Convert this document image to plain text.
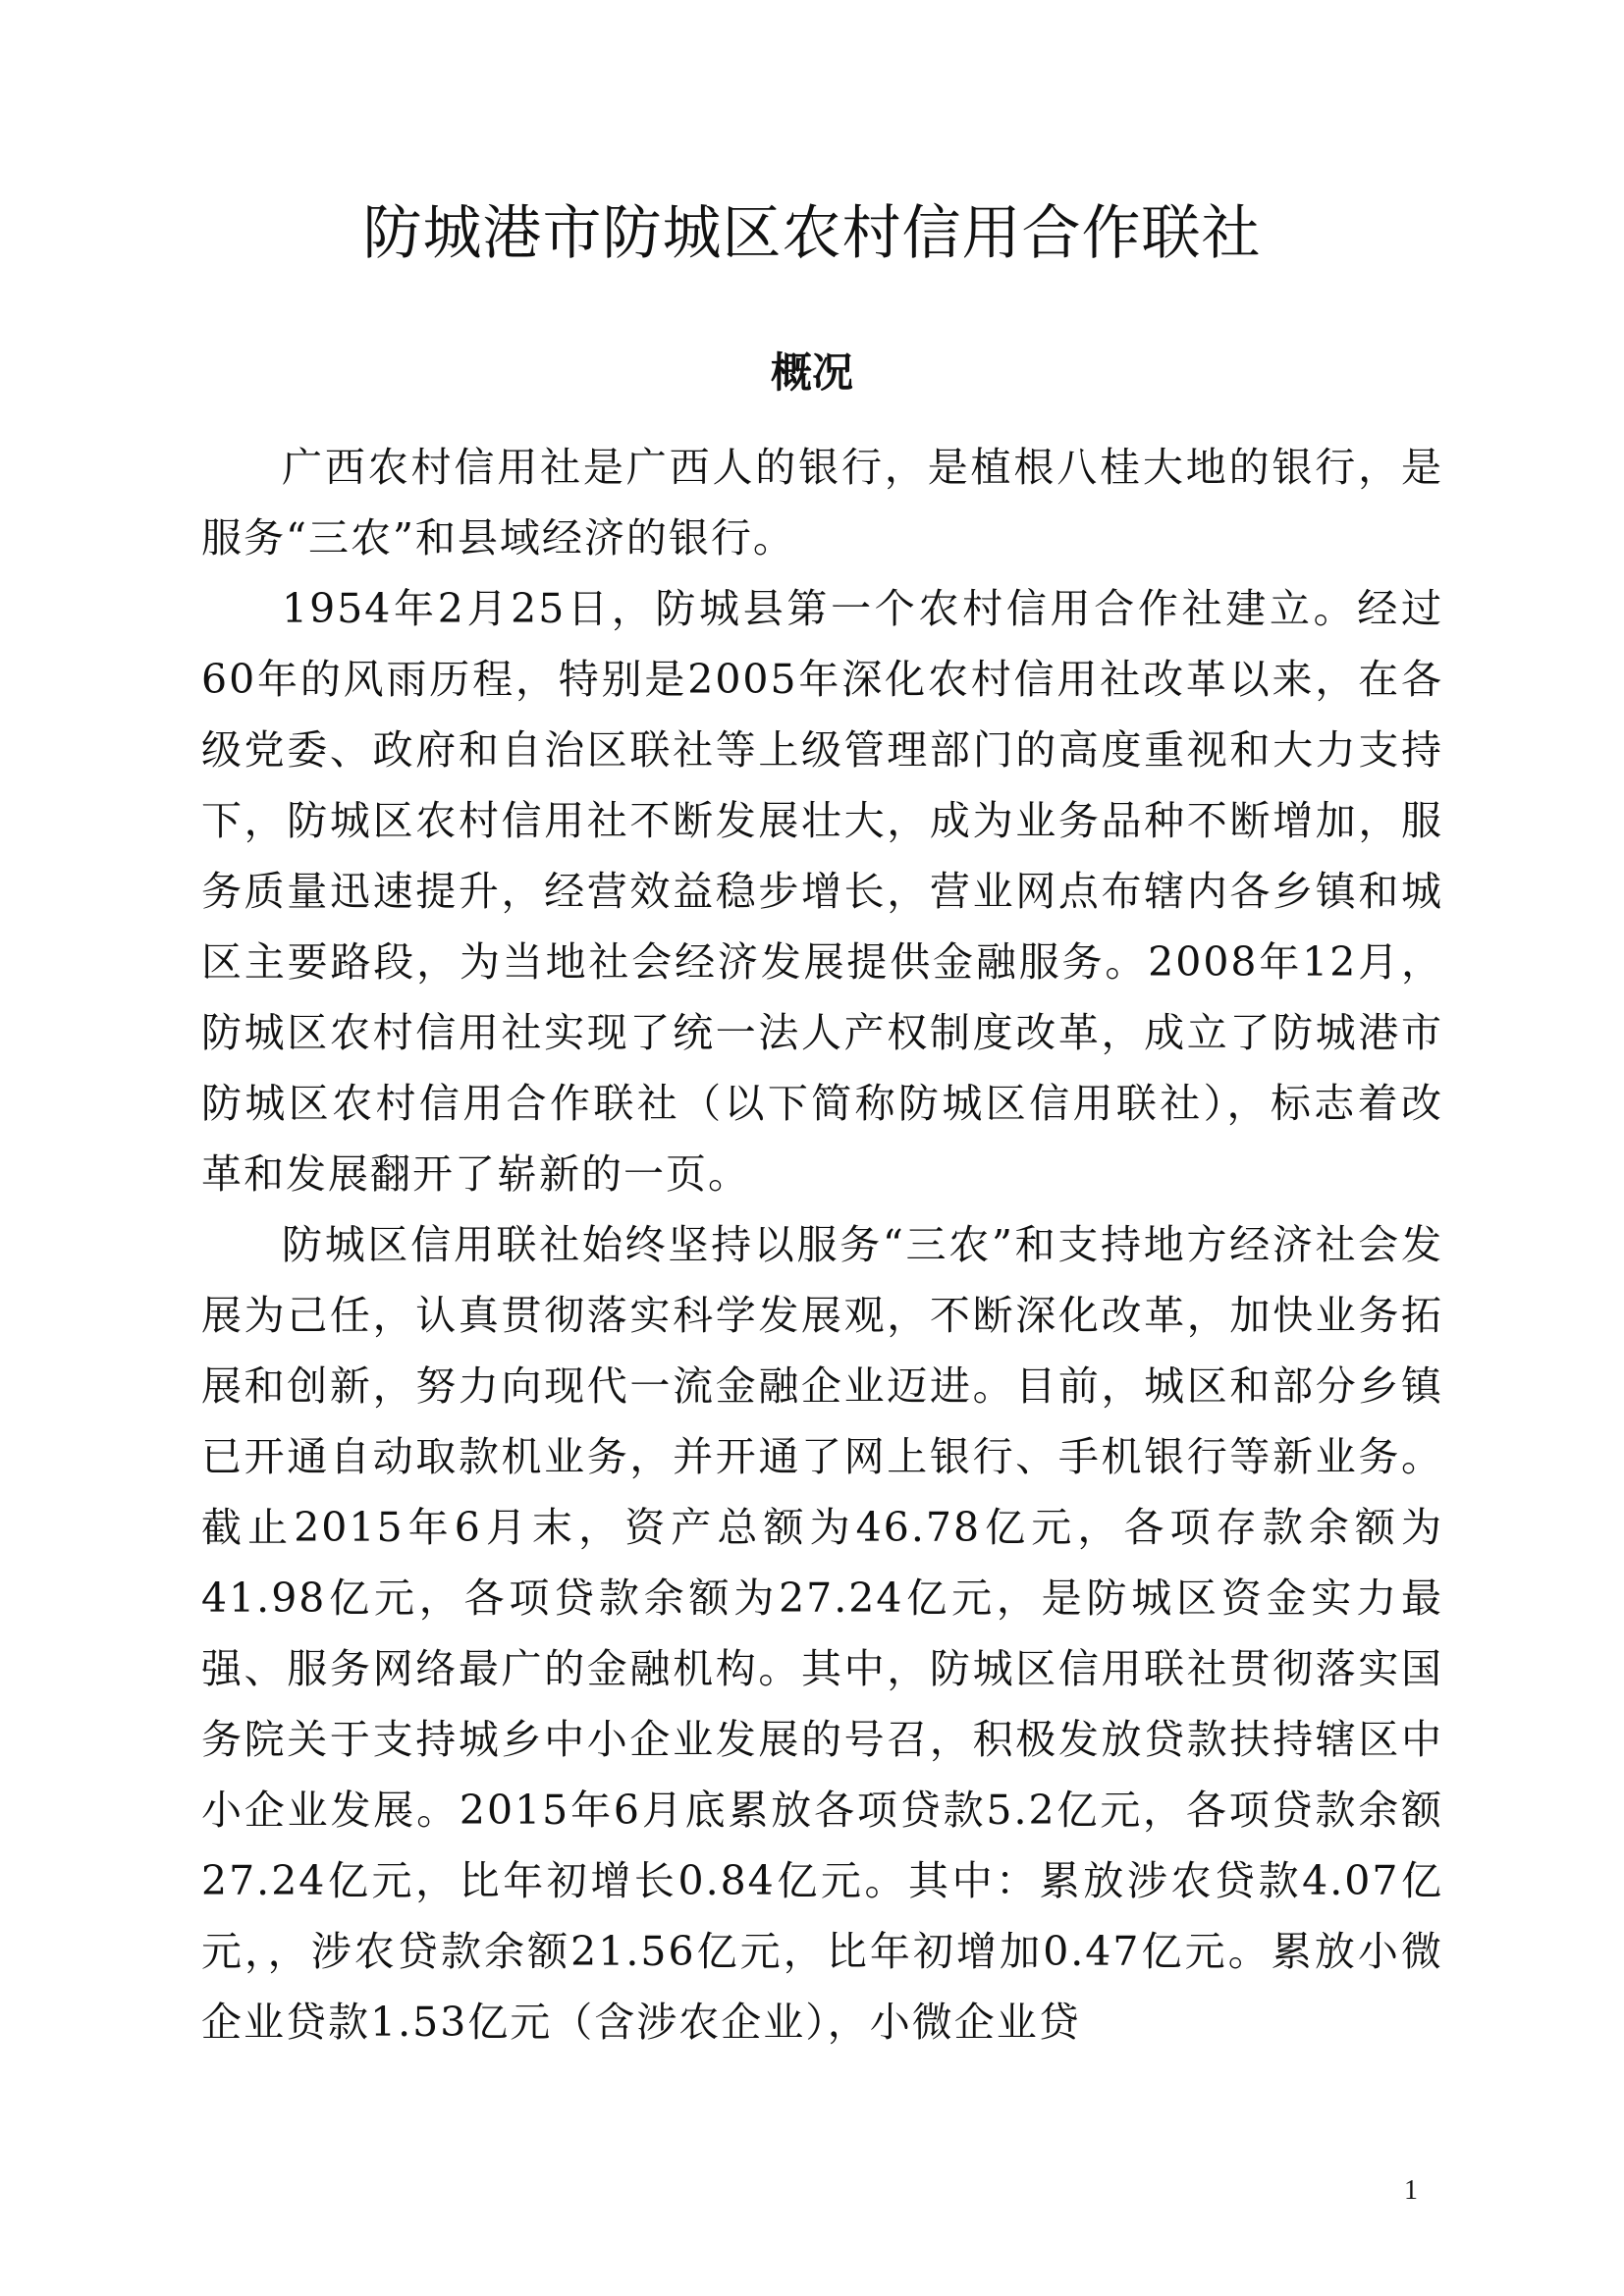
防城港市防城区农村信用合作联社
概况

广西农村信用社是广西人的银行，是植根八桂大地的银行，是服务“三农”和县域经济的银行。

1954年2月25日，防城县第一个农村信用合作社建立。经过60年的风雨历程，特别是2005年深化农村信用社改革以来，在各级党委、政府和自治区联社等上级管理部门的高度重视和大力支持下，防城区农村信用社不断发展壮大，成为业务品种不断增加，服务质量迅速提升，经营效益稳步增长，营业网点布辖内各乡镇和城区主要路段，为当地社会经济发展提供金融服务。2008年12月，防城区农村信用社实现了统一法人产权制度改革，成立了防城港市防城区农村信用合作联社（以下简称防城区信用联社），标志着改革和发展翻开了崭新的一页。

防城区信用联社始终坚持以服务“三农”和支持地方经济社会发展为己任，认真贯彻落实科学发展观，不断深化改革，加快业务拓展和创新，努力向现代一流金融企业迈进。目前，城区和部分乡镇已开通自动取款机业务，并开通了网上银行、手机银行等新业务。截止2015年6月末，资产总额为46.78亿元，各项存款余额为41.98亿元，各项贷款余额为27.24亿元，是防城区资金实力最强、服务网络最广的金融机构。其中，防城区信用联社贯彻落实国务院关于支持城乡中小企业发展的号召，积极发放贷款扶持辖区中小企业发展。2015年6月底累放各项贷款5.2亿元，各项贷款余额27.24亿元，比年初增长0.84亿元。其中：累放涉农贷款4.07亿元，，涉农贷款余额21.56亿元，比年初增加0.47亿元。累放小微企业贷款1.53亿元（含涉农企业），小微企业贷

1
